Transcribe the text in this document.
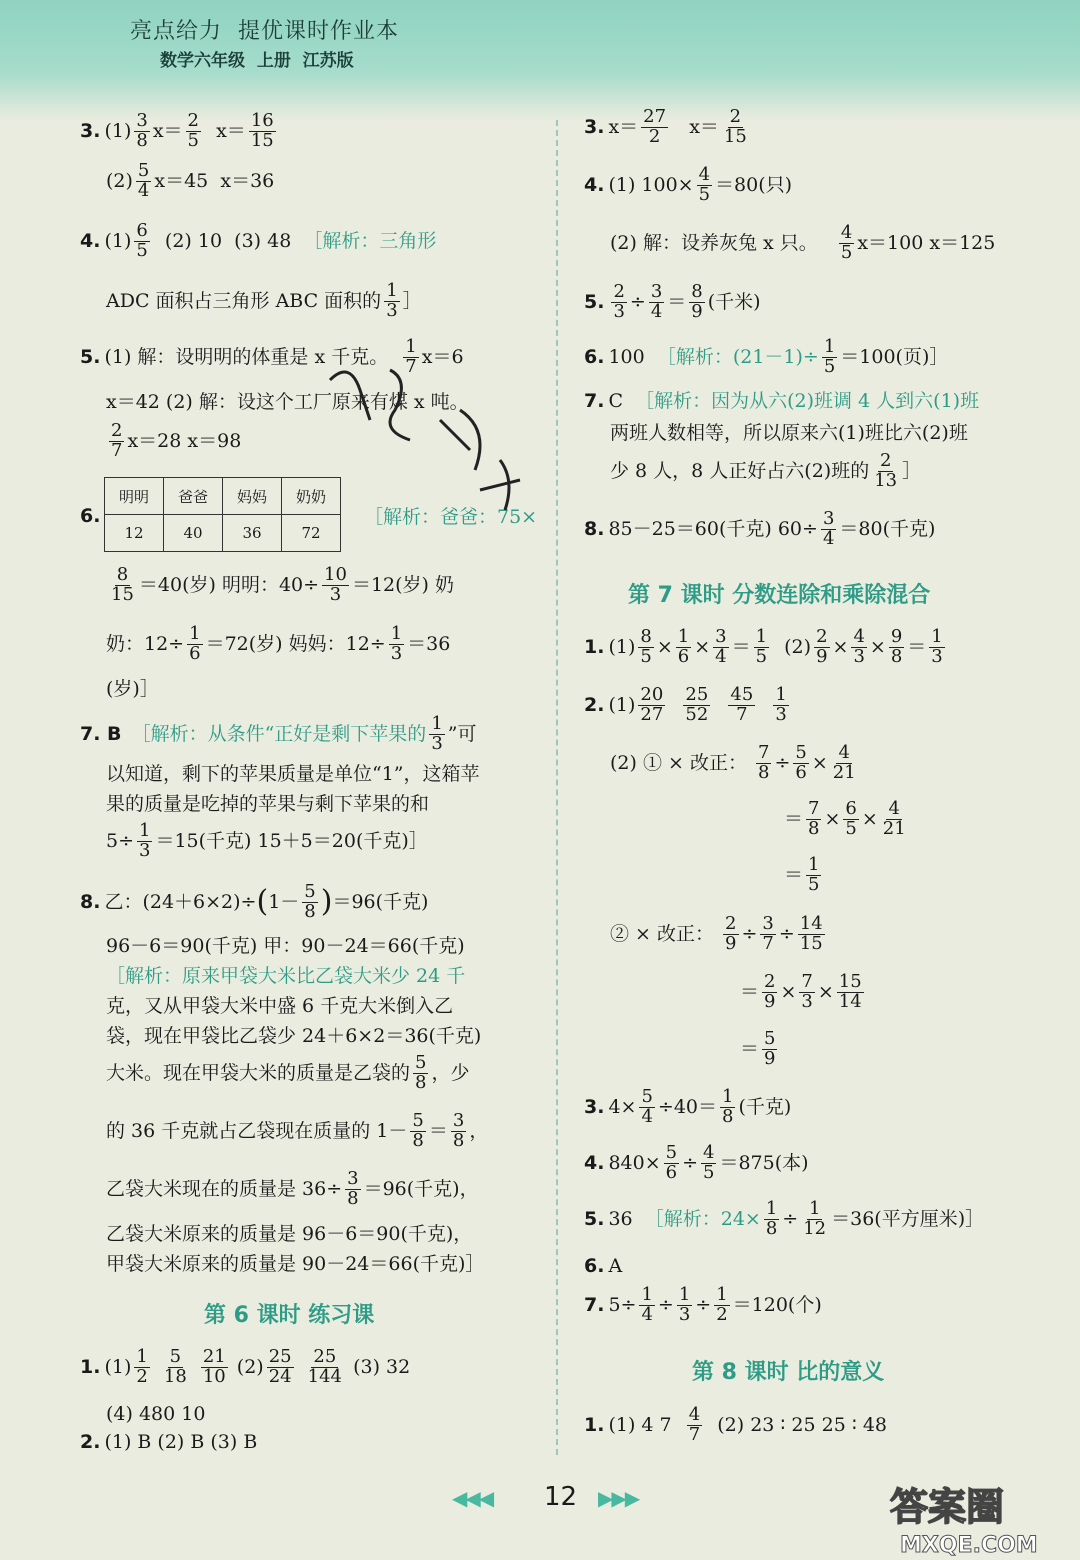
亮点给力  提优课时作业本
数学六年级  上册  江苏版
3. (1) 3
8 x＝ 2
5
x＝ 16
15
(2) 5
4 x＝45
x＝36
4. (1) 6
5
(2) 10
(3) 48
［解析：三角形
ADC 面积占三角形 ABC 面积的 1
3 ］
5. (1) 解：设明明的体重是 x 千克。
1
7 x＝6
x＝42 (2) 解：设这个工厂原来有煤 x 吨。
2
7 x＝28 x＝98
6.
明明	爸爸	妈妈	奶奶
12	40	36	72
［解析：爸爸：75×
8
15 ＝40(岁) 明明：$40\div \frac{10}{3} =12$(岁) 奶
奶：$12\div \frac{1}{6} =72$(岁) 妈妈：$12\div \frac{1}{3} =36$
(岁)］
7. B
［解析：从条件“正好是剩下苹果的 1
3 ”可
以知道，剩下的苹果质量是单位“1”，这箱苹
果的质量是吃掉的苹果与剩下苹果的和
$5\div \frac{1}{3} =15$(千克) 15＋5＝20(千克)］
8. 乙：(24＋6×2)÷ ( 1－ 5
8 ) ＝96(千克)
96－6＝90(千克) 甲：90－24＝66(千克)
［解析：原来甲袋大米比乙袋大米少 24 千
克，又从甲袋大米中盛 6 千克大米倒入乙
袋，现在甲袋比乙袋少 24＋6×2＝36(千克)
大米。现在甲袋大米的质量是乙袋的 5
8 ，少
的 36 千克就占乙袋现在质量的 1－ 5
8 ＝ 3
8 ，
乙袋大米现在的质量是 $36\div \frac{3}{8} =96$(千克)，
乙袋大米原来的质量是 96－6＝90(千克)，
甲袋大米原来的质量是 90－24＝66(千克)］
第 6 课时 练习课
1. (1) 1
2

5
18

21
10
(2) 25
24

25
144
(3) 32
(4) 480 10
2. (1) B (2) B (3) B
3. x＝ 27
2
x＝ 2
15
4. (1) $100\times \frac{4}{5} =80$(只)
(2) 解：设养灰兔 x 只。
4
5 x＝100 x＝125
5. $\frac{2}{3} \div \frac{3}{4} = 8$
9 (千米)
6. 100
［解析：$(21-1)\div \frac{1}{5} =100$(页)］
7. C
［解析：因为从六(2)班调 4 人到六(1)班
两班人数相等，所以原来六(1)班比六(2)班
少 8 人，8 人正好占六(2)班的 2
13 ］
8. 85－25＝60(千克) $60\div \frac{3}{4} =80$(千克)
第 7 课时 分数连除和乘除混合
1. (1) 8
5 × 1
6 × 3
4 ＝ 1
5
(2) 2
9 × 4
3 × 9
8 ＝ 1
3
2. (1) 20
27

25
52

45
7

1
3
(2) ① × 改正：
7
8 ÷ 5
6 × 4
21
＝ 7
8 × 6
5 × 4
21
＝ 1
5
② × 改正：
2
9 ÷ 3
7 ÷ 14
15
＝ 2
9 × 7
3 × 15
14
＝ 5
9
3. $4\times \frac{5}{4} \div 40= 1$
8 (千克)
4. $840\times \frac{5}{6} \div \frac{4}{5} =875$(本)
5. 36
［解析：$24\times \frac{1}{8} \div \frac{1}{12} =36$(平方厘米)］
6. A
7. $5\div \frac{1}{4} \div \frac{1}{3} \div \frac{1}{2} =120$(个)
第 8 课时 比的意义
1. (1) 4 7
4
7
(2) 23 ∶ 25 25 ∶ 48
◀◀◀ 12 ▶▶▶	答案圈
MXQE.COM
